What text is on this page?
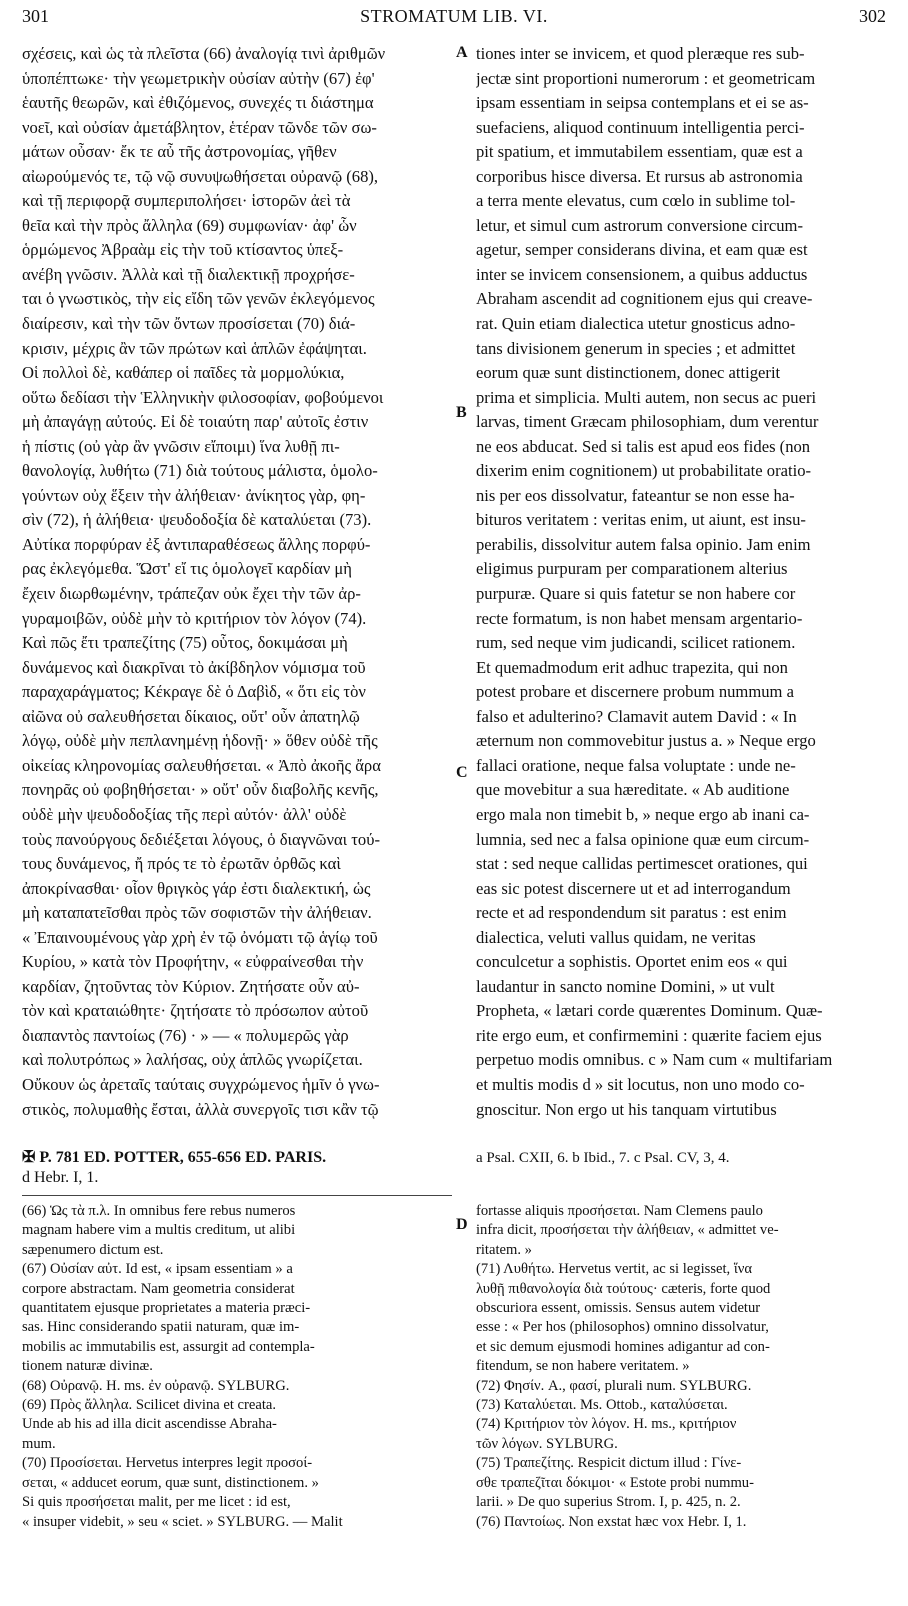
301	STROMATUM LIB. VI.	302
σχέσεις, καὶ ὡς τὰ πλεῖστα (66) ἀναλογίᾳ τινὶ ἀριθμῶν
ὑποπέπτωκε· τὴν γεωμετρικὴν οὐσίαν αὐτὴν (67) ἐφ'
ἑαυτῆς θεωρῶν, καὶ ἐθιζόμενος, συνεχές τι διάστημα
νοεῖ, καὶ οὐσίαν ἀμετάβλητον, ἑτέραν τῶνδε τῶν σω-
μάτων οὖσαν· ἔκ τε αὖ τῆς ἀστρονομίας, γῆθεν
αἰωρούμενός τε, τῷ νῷ συνυψωθήσεται οὐρανῷ (68),
καὶ τῇ περιφορᾷ συμπεριπολήσει· ἱστορῶν ἀεὶ τὰ
θεῖα καὶ τὴν πρὸς ἄλληλα (69) συμφωνίαν· ἀφ' ὧν
ὁρμώμενος Ἀβραὰμ εἰς τὴν τοῦ κτίσαντος ὑπεξ-
ανέβη γνῶσιν. Ἀλλὰ καὶ τῇ διαλεκτικῇ προχρήσε-
ται ὁ γνωστικὸς, τὴν εἰς εἴδη τῶν γενῶν ἐκλεγόμενος
διαίρεσιν, καὶ τὴν τῶν ὄντων προσίσεται (70) διά-
κρισιν, μέχρις ἂν τῶν πρώτων καὶ ἁπλῶν ἐφάψηται.
Οἱ πολλοὶ δὲ, καθάπερ οἱ παῖδες τὰ μορμολύκια,
οὕτω δεδίασι τὴν Ἑλληνικὴν φιλοσοφίαν, φοβούμενοι
μὴ ἀπαγάγῃ αὐτούς. Εἰ δὲ τοιαύτη παρ' αὐτοῖς ἐστιν
ἡ πίστις (οὐ γὰρ ἂν γνῶσιν εἴποιμι) ἵνα λυθῇ πι-
θανολογίᾳ, λυθήτω (71) διὰ τούτους μάλιστα, ὁμολο-
γούντων οὐχ ἕξειν τὴν ἀλήθειαν· ἀνίκητος γὰρ, φη-
σὶν (72), ἡ ἀλήθεια· ψευδοδοξία δὲ καταλύεται (73).
Αὐτίκα πορφύραν ἐξ ἀντιπαραθέσεως ἄλλης πορφύ-
ρας ἐκλεγόμεθα. Ὥστ' εἴ τις ὁμολογεῖ καρδίαν μὴ
ἔχειν διωρθωμένην, τράπεζαν οὐκ ἔχει τὴν τῶν ἀρ-
γυραμοιβῶν, οὐδὲ μὴν τὸ κριτήριον τὸν λόγον (74).
Καὶ πῶς ἔτι τραπεζίτης (75) οὗτος, δοκιμάσαι μὴ
δυνάμενος καὶ διακρῖναι τὸ ἀκίβδηλον νόμισμα τοῦ
παραχαράγματος; Κέκραγε δὲ ὁ Δαβὶδ, « ὅτι εἰς τὸν
αἰῶνα οὐ σαλευθήσεται δίκαιος, οὔτ' οὖν ἀπατηλῷ
λόγῳ, οὐδὲ μὴν πεπλανημένῃ ἡδονῇ· » ὅθεν οὐδὲ τῆς
οἰκείας κληρονομίας σαλευθήσεται. « Ἀπὸ ἀκοῆς ἄρα
πονηρᾶς οὐ φοβηθήσεται· » οὔτ' οὖν διαβολῆς κενῆς,
οὐδὲ μὴν ψευδοδοξίας τῆς περὶ αὐτόν· ἀλλ' οὐδὲ
τοὺς πανούργους δεδιέξεται λόγους, ὁ διαγνῶναι τού-
τους δυνάμενος, ἤ πρός τε τὸ ἐρωτᾶν ὀρθῶς καὶ
ἀποκρίνασθαι· οἷον θριγκὸς γάρ ἐστι διαλεκτική, ὡς
μὴ καταπατεῖσθαι πρὸς τῶν σοφιστῶν τὴν ἀλήθειαν.
« Ἐπαινουμένους γὰρ χρὴ ἐν τῷ ὀνόματι τῷ ἁγίῳ τοῦ
Κυρίου, » κατὰ τὸν Προφήτην, « εὐφραίνεσθαι τὴν
καρδίαν, ζητοῦντας τὸν Κύριον. Ζητήσατε οὖν αὐ-
τὸν καὶ κραταιώθητε· ζητήσατε τὸ πρόσωπον αὐτοῦ
διαπαντὸς παντοίως (76) · » — « πολυμερῶς γὰρ
καὶ πολυτρόπως » λαλήσας, οὐχ ἁπλῶς γνωρίζεται.
Οὔκουν ὡς ἀρεταῖς ταύταις συγχρώμενος ἡμῖν ὁ γνω-
στικὸς, πολυμαθὴς ἔσται, ἀλλὰ συνεργοῖς τισι κἂν τῷ
tiones inter se invicem, et quod pleræque res sub-
jectæ sint proportioni numerorum : et geometricam
ipsam essentiam in seipsa contemplans et ei se as-
suefaciens, aliquod continuum intelligentia perci-
pit spatium, et immutabilem essentiam, quæ est a
corporibus hisce diversa. Et rursus ab astronomia
a terra mente elevatus, cum cœlo in sublime tol-
letur, et simul cum astrorum conversione circum-
agetur, semper considerans divina, et eam quæ est
inter se invicem consensionem, a quibus adductus
Abraham ascendit ad cognitionem ejus qui creave-
rat. Quin etiam dialectica utetur gnosticus adno-
tans divisionem generum in species ; et admittet
eorum quæ sunt distinctionem, donec attigerit
prima et simplicia. Multi autem, non secus ac pueri
larvas, timent Græcam philosophiam, dum verentur
ne eos abducat. Sed si talis est apud eos fides (non
dixerim enim cognitionem) ut probabilitate oratio-
nis per eos dissolvatur, fateantur se non esse ha-
bituros veritatem : veritas enim, ut aiunt, est insu-
perabilis, dissolvitur autem falsa opinio. Jam enim
eligimus purpuram per comparationem alterius
purpuræ. Quare si quis fatetur se non habere cor
recte formatum, is non habet mensam argentario-
rum, sed neque vim judicandi, scilicet rationem.
Et quemadmodum erit adhuc trapezita, qui non
potest probare et discernere probum nummum a
falso et adulterino? Clamavit autem David : « In
æternum non commovebitur justus a. » Neque ergo
fallaci oratione, neque falsa voluptate : unde ne-
que movebitur a sua hæreditate. « Ab auditione
ergo mala non timebit b, » neque ergo ab inani ca-
lumnia, sed nec a falsa opinione quæ eum circum-
stat : sed neque callidas pertimescet orationes, qui
eas sic potest discernere ut et ad interrogandum
recte et ad respondendum sit paratus : est enim
dialectica, veluti vallus quidam, ne veritas
conculcetur a sophistis. Oportet enim eos « qui
laudantur in sancto nomine Domini, » ut vult
Propheta, « lætari corde quærentes Dominum. Quæ-
rite ergo eum, et confirmemini : quærite faciem ejus
perpetuo modis omnibus. c » Nam cum « multifariam
et multis modis d » sit locutus, non uno modo co-
gnoscitur. Non ergo ut his tanquam virtutibus
A
B
C
D
✠ P. 781 ED. POTTER, 655-656 ED. PARIS.
d Hebr. I, 1.
a Psal. CXII, 6. b Ibid., 7. c Psal. CV, 3, 4.
(66) Ὡς τὰ π.λ. In omnibus fere rebus numeros
magnam habere vim a multis creditum, ut alibi
sæpenumero dictum est.
(67) Οὐσίαν αὐτ. Id est, « ipsam essentiam » a
corpore abstractam. Nam geometria considerat
quantitatem ejusque proprietates a materia præci-
sas. Hinc considerando spatii naturam, quæ im-
mobilis ac immutabilis est, assurgit ad contempla-
tionem naturæ divinæ.
(68) Οὐρανῷ. H. ms. ἐν οὐρανῷ. SYLBURG.
(69) Πρὸς ἄλληλα. Scilicet divina et creata.
Unde ab his ad illa dicit ascendisse Abraha-
mum.
(70) Προσίσεται. Hervetus interpres legit προσοί-
σεται, « adducet eorum, quæ sunt, distinctionem. »
Si quis προσήσεται malit, per me licet : id est,
« insuper videbit, » seu « sciet. » SYLBURG. — Malit
fortasse aliquis προσήσεται. Nam Clemens paulo
infra dicit, προσήσεται τὴν ἀλήθειαν, « admittet ve-
ritatem. »
(71) Λυθήτω. Hervetus vertit, ac si legisset, ἵνα
λυθῇ πιθανολογία διὰ τούτους· cæteris, forte quod
obscuriora essent, omissis. Sensus autem videtur
esse : « Per hos (philosophos) omnino dissolvatur,
et sic demum ejusmodi homines adigantur ad con-
fitendum, se non habere veritatem. »
(72) Φησίν. A., φασί, plurali num. SYLBURG.
(73) Καταλύεται. Ms. Ottob., καταλύσεται.
(74) Κριτήριον τὸν λόγον. H. ms., κριτήριον
τῶν λόγων. SYLBURG.
(75) Τραπεζίτης. Respicit dictum illud : Γίνε-
σθε τραπεζῖται δόκιμοι· « Estote probi nummu-
larii. » De quo superius Strom. I, p. 425, n. 2.
(76) Παντοίως. Non exstat hæc vox Hebr. I, 1.
